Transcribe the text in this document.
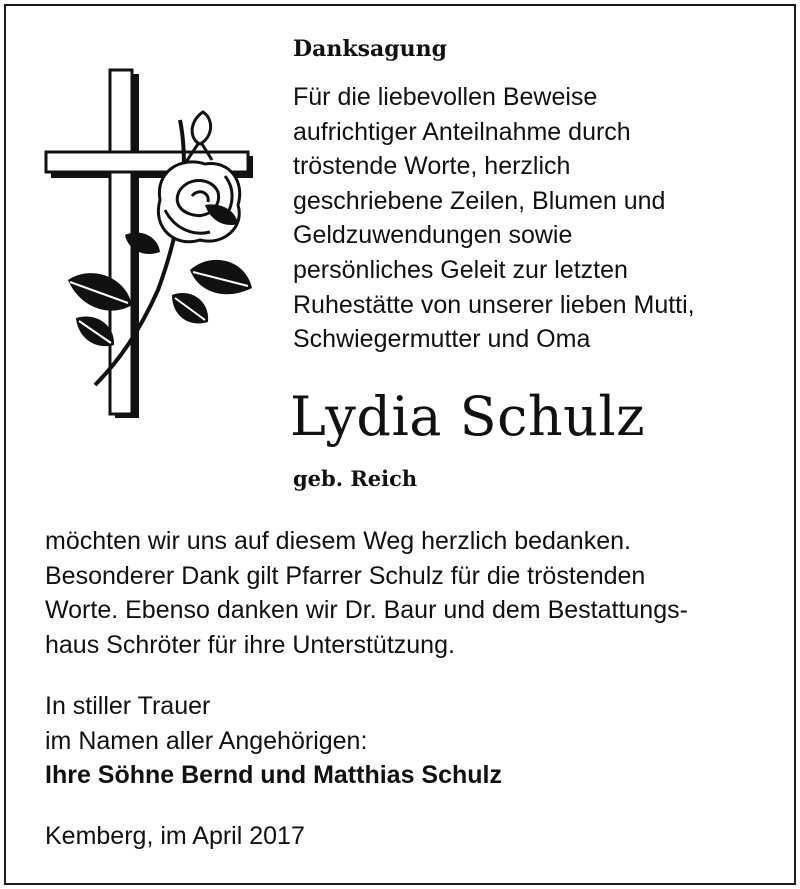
Danksagung

Für die liebevollen Beweise
aufrichtiger Anteilnahme durch
tröstende Worte, herzlich
geschriebene Zeilen, Blumen und
Geldzuwendungen sowie
persönliches Geleit zur letzten
Ruhestätte von unserer lieben Mutti,
Schwiegermutter und Oma

Lydia Schulz

geb. Reich

möchten wir uns auf diesem Weg herzlich bedanken.
Besonderer Dank gilt Pfarrer Schulz für die tröstenden
Worte. Ebenso danken wir Dr. Baur und dem Bestattungs-
haus Schröter für ihre Unterstützung.

In stiller Trauer
im Namen aller Angehörigen:
Ihre Söhne Bernd und Matthias Schulz

Kemberg, im April 2017
